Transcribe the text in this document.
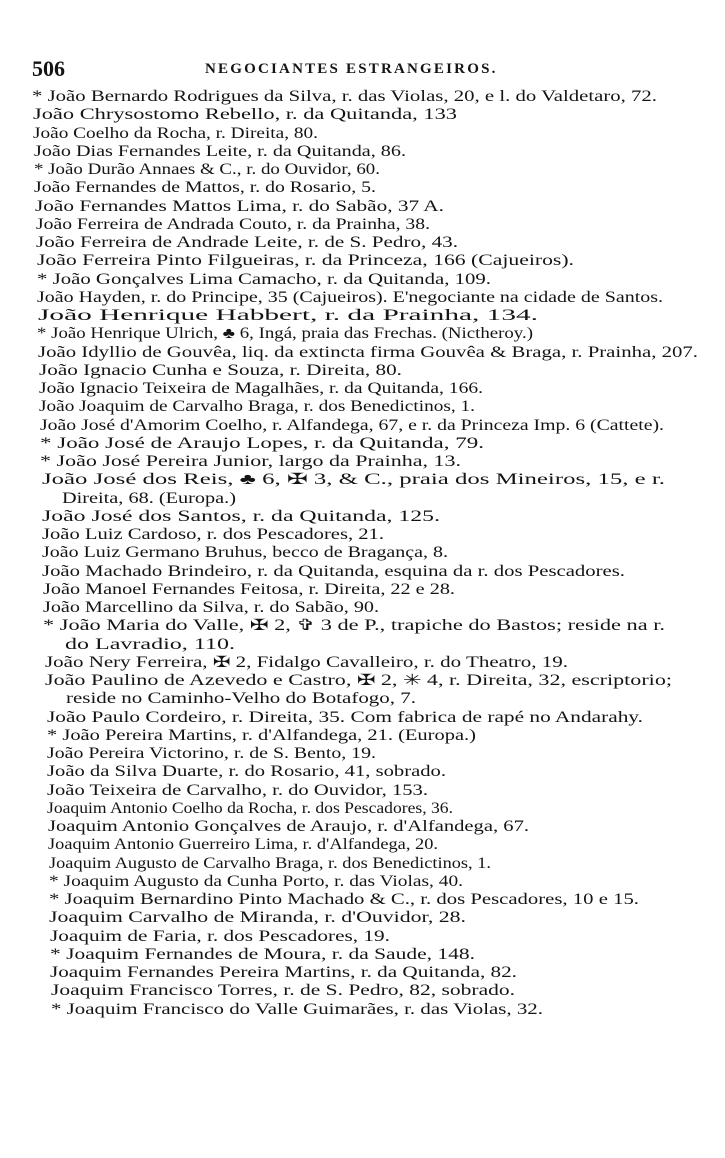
506	NEGOCIANTES ESTRANGEIROS.
* João Bernardo Rodrigues da Silva, r. das Violas, 20, e l. do Valdetaro, 72.
João Chrysostomo Rebello, r. da Quitanda, 133
João Coelho da Rocha, r. Direita, 80.
João Dias Fernandes Leite, r. da Quitanda, 86.
* João Durão Annaes & C., r. do Ouvidor, 60.
João Fernandes de Mattos, r. do Rosario, 5.
João Fernandes Mattos Lima, r. do Sabão, 37 A.
João Ferreira de Andrada Couto, r. da Prainha, 38.
João Ferreira de Andrade Leite, r. de S. Pedro, 43.
João Ferreira Pinto Filgueiras, r. da Princeza, 166 (Cajueiros).
* João Gonçalves Lima Camacho, r. da Quitanda, 109.
João Hayden, r. do Principe, 35 (Cajueiros). E'negociante na cidade de Santos.
João Henrique Habbert, r. da Prainha, 134.
* João Henrique Ulrich, ♣ 6, Ingá, praia das Frechas. (Nictheroy.)
João Idyllio de Gouvêa, liq. da extincta firma Gouvêa & Braga, r. Prainha, 207.
João Ignacio Cunha e Souza, r. Direita, 80.
João Ignacio Teixeira de Magalhães, r. da Quitanda, 166.
João Joaquim de Carvalho Braga, r. dos Benedictinos, 1.
João José d'Amorim Coelho, r. Alfandega, 67, e r. da Princeza Imp. 6 (Cattete).
* João José de Araujo Lopes, r. da Quitanda, 79.
* João José Pereira Junior, largo da Prainha, 13.
João José dos Reis, ♣ 6, ✠ 3, & C., praia dos Mineiros, 15, e r.
Direita, 68. (Europa.)
João José dos Santos, r. da Quitanda, 125.
João Luiz Cardoso, r. dos Pescadores, 21.
João Luiz Germano Bruhus, becco de Bragança, 8.
João Machado Brindeiro, r. da Quitanda, esquina da r. dos Pescadores.
João Manoel Fernandes Feitosa, r. Direita, 22 e 28.
João Marcellino da Silva, r. do Sabão, 90.
* João Maria do Valle, ✠ 2, ✞ 3 de P., trapiche do Bastos; reside na r.
do Lavradio, 110.
João Nery Ferreira, ✠ 2, Fidalgo Cavalleiro, r. do Theatro, 19.
João Paulino de Azevedo e Castro, ✠ 2, ✳ 4, r. Direita, 32, escriptorio;
reside no Caminho-Velho do Botafogo, 7.
João Paulo Cordeiro, r. Direita, 35. Com fabrica de rapé no Andarahy.
* João Pereira Martins, r. d'Alfandega, 21. (Europa.)
João Pereira Victorino, r. de S. Bento, 19.
João da Silva Duarte, r. do Rosario, 41, sobrado.
João Teixeira de Carvalho, r. do Ouvidor, 153.
Joaquim Antonio Coelho da Rocha, r. dos Pescadores, 36.
Joaquim Antonio Gonçalves de Araujo, r. d'Alfandega, 67.
Joaquim Antonio Guerreiro Lima, r. d'Alfandega, 20.
Joaquim Augusto de Carvalho Braga, r. dos Benedictinos, 1.
* Joaquim Augusto da Cunha Porto, r. das Violas, 40.
* Joaquim Bernardino Pinto Machado & C., r. dos Pescadores, 10 e 15.
Joaquim Carvalho de Miranda, r. d'Ouvidor, 28.
Joaquim de Faria, r. dos Pescadores, 19.
* Joaquim Fernandes de Moura, r. da Saude, 148.
Joaquim Fernandes Pereira Martins, r. da Quitanda, 82.
Joaquim Francisco Torres, r. de S. Pedro, 82, sobrado.
* Joaquim Francisco do Valle Guimarães, r. das Violas, 32.
